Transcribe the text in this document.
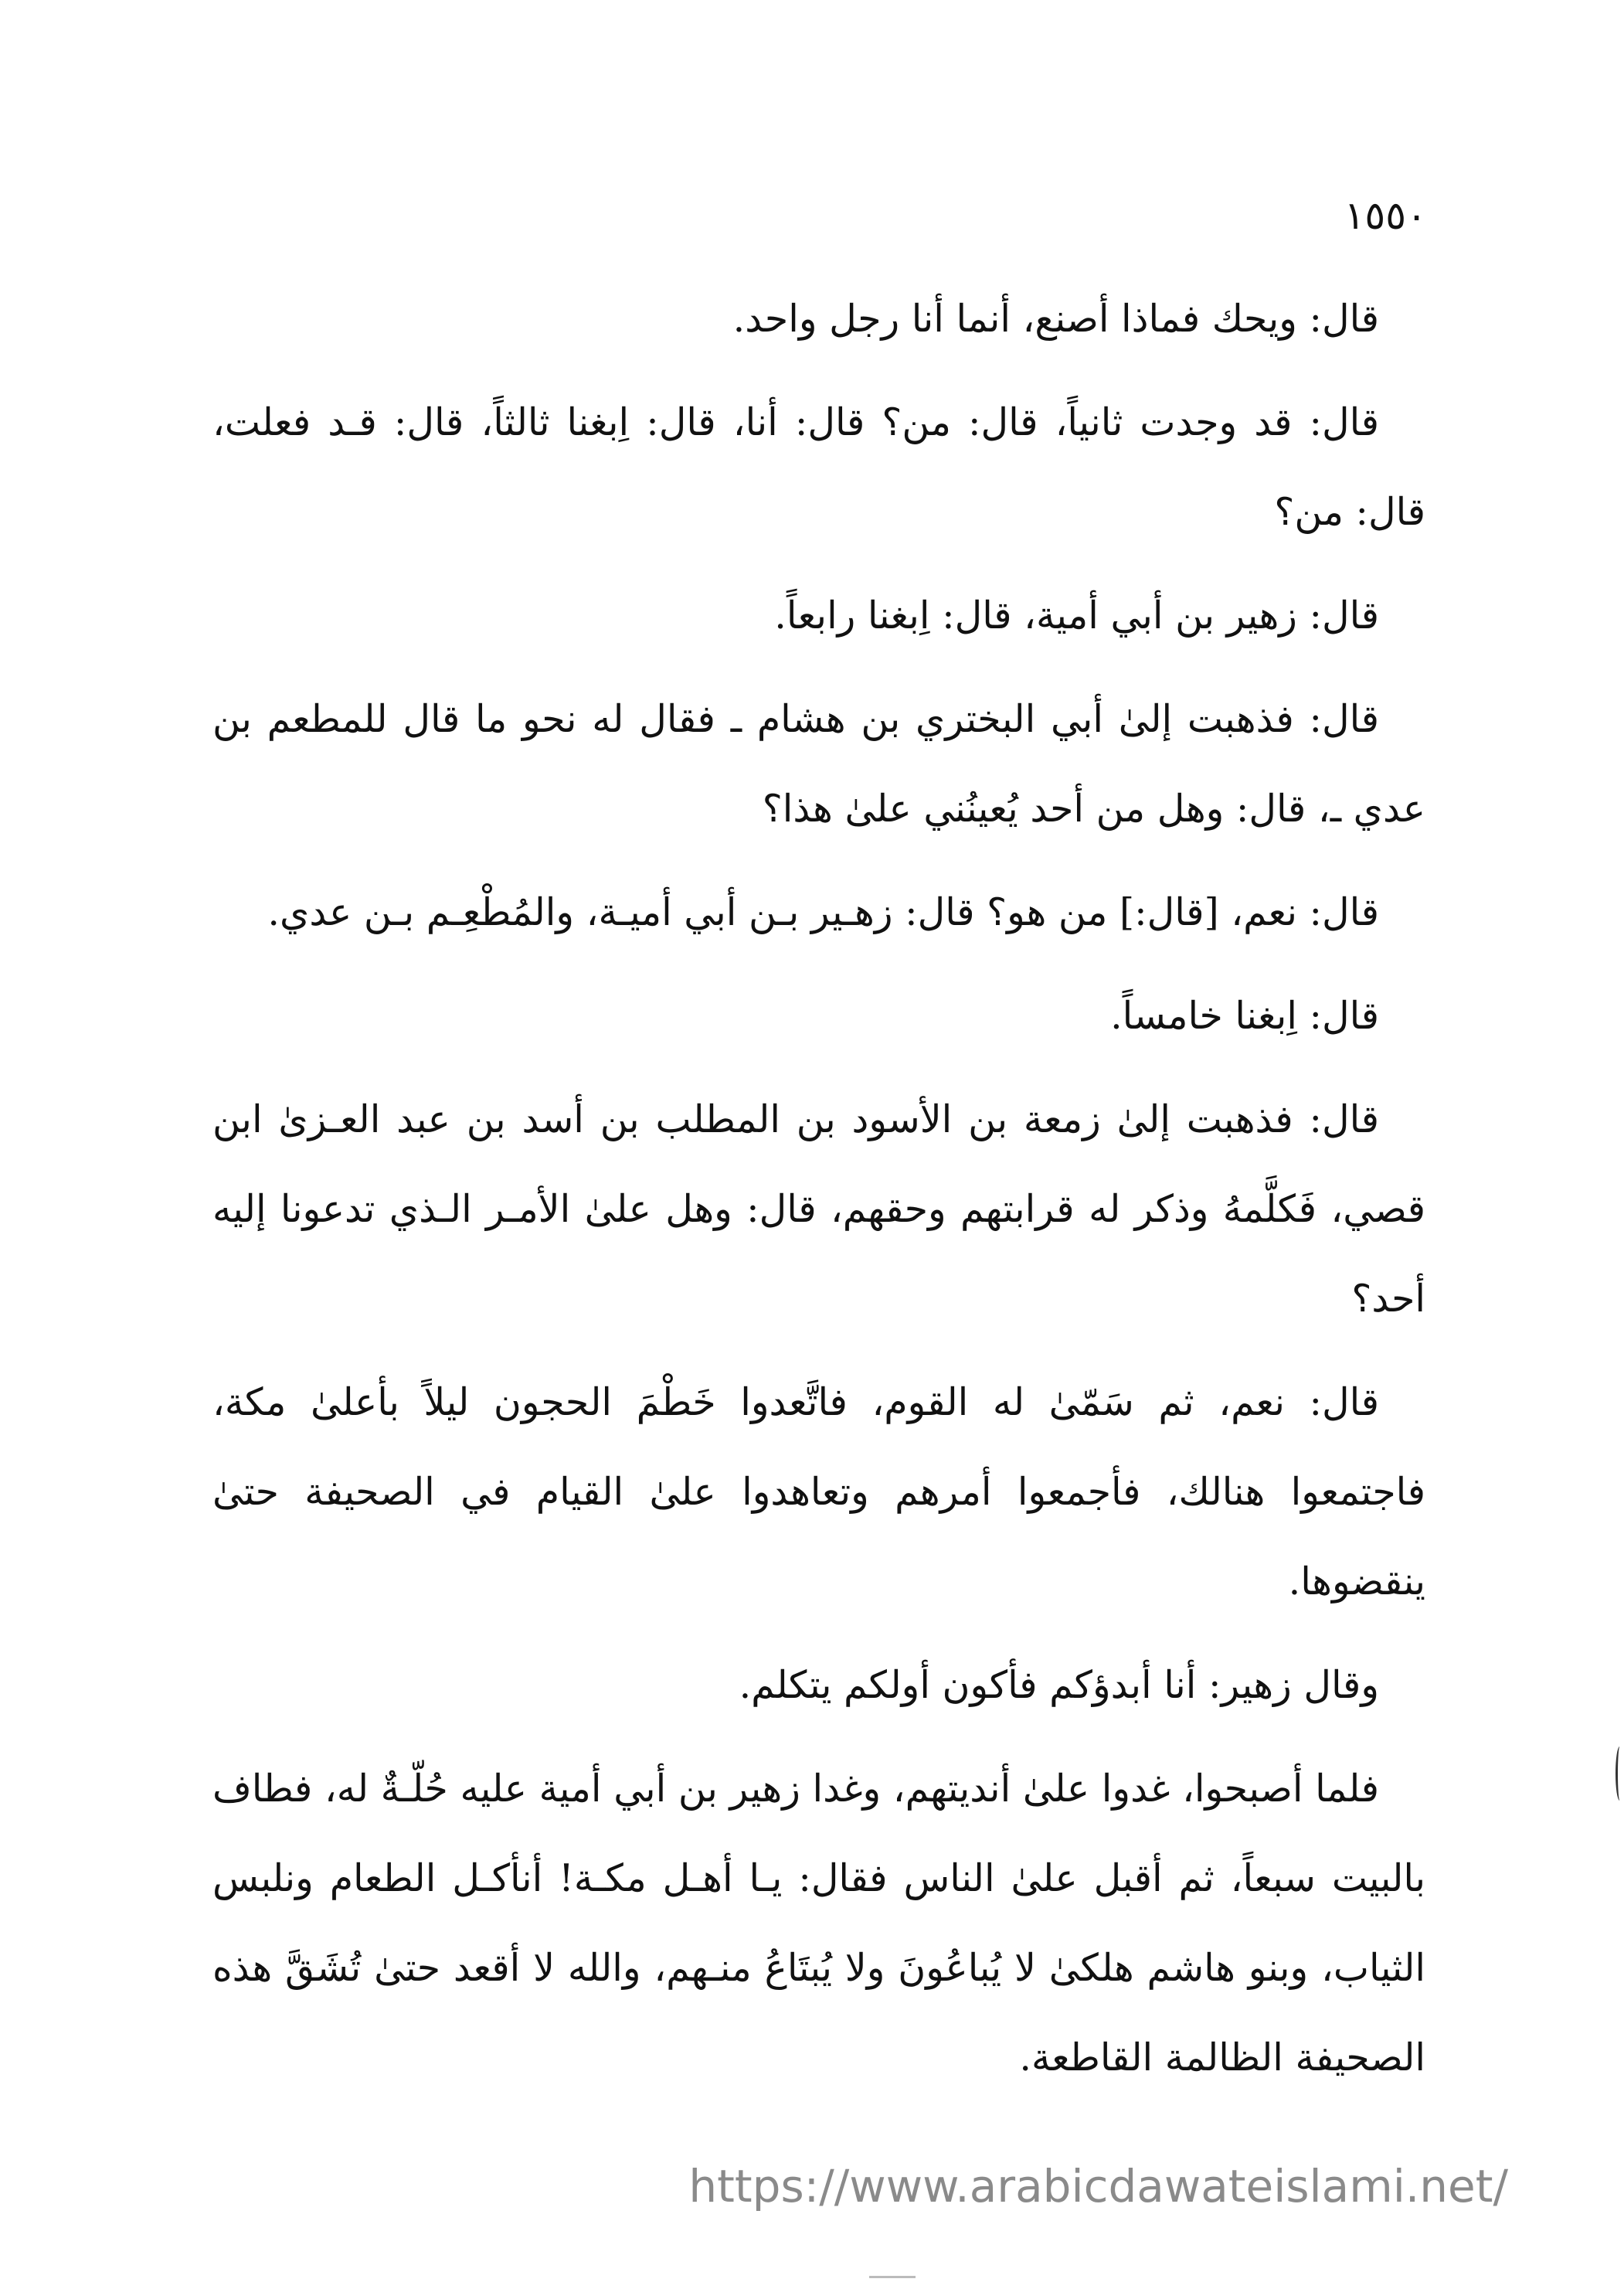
١٥٥٠

قال: ويحك فماذا أصنع، أنما أنا رجل واحد.

قال: قد وجدت ثانياً، قال: من؟ قال: أنا، قال: اِبغنا ثالثاً، قال: قـد فعلت، قال: من؟

قال: زهير بن أبي أمية، قال: اِبغنا رابعاً.

قال: فذهبت إلىٰ أبي البختري بن هشام ـ فقال له نحو ما قال للمطعم بن عدي ـ، قال: وهل من أحد يُعينُني علىٰ هذا؟

قال: نعم، [قال:] من هو؟ قال: زهـير بـن أبي أميـة، والمُطْعِـم بـن عدي.

قال: اِبغنا خامساً.

قال: فذهبت إلىٰ زمعة بن الأسود بن المطلب بن أسد بن عبد العـزىٰ ابن قصي، فَكلَّمهُ وذكر له قرابتهم وحقهم، قال: وهل علىٰ الأمـر الـذي تدعونا إليه أحد؟

قال: نعم، ثم سَمّىٰ له القوم، فاتَّعدوا خَطْمَ الحجون ليلاً بأعلىٰ مكة، فاجتمعوا هنالك، فأجمعوا أمرهم وتعاهدوا علىٰ القيام في الصحيفة حتىٰ ينقضوها.

وقال زهير: أنا أبدؤكم فأكون أولكم يتكلم.

فلما أصبحوا، غدوا علىٰ أنديتهم، وغدا زهير بن أبي أمية عليه حُلّـةٌ له، فطاف بالبيت سبعاً، ثم أقبل علىٰ الناس فقال: يـا أهـل مكـة! أنأكـل الطعام ونلبس الثياب، وبنو هاشم هلكىٰ لا يُباعُونَ ولا يُبتَاعُ منـهم، والله لا أقعد حتىٰ تُشَقَّ هذه الصحيفة الظالمة القاطعة.

https://www.arabicdawateislami.net/
